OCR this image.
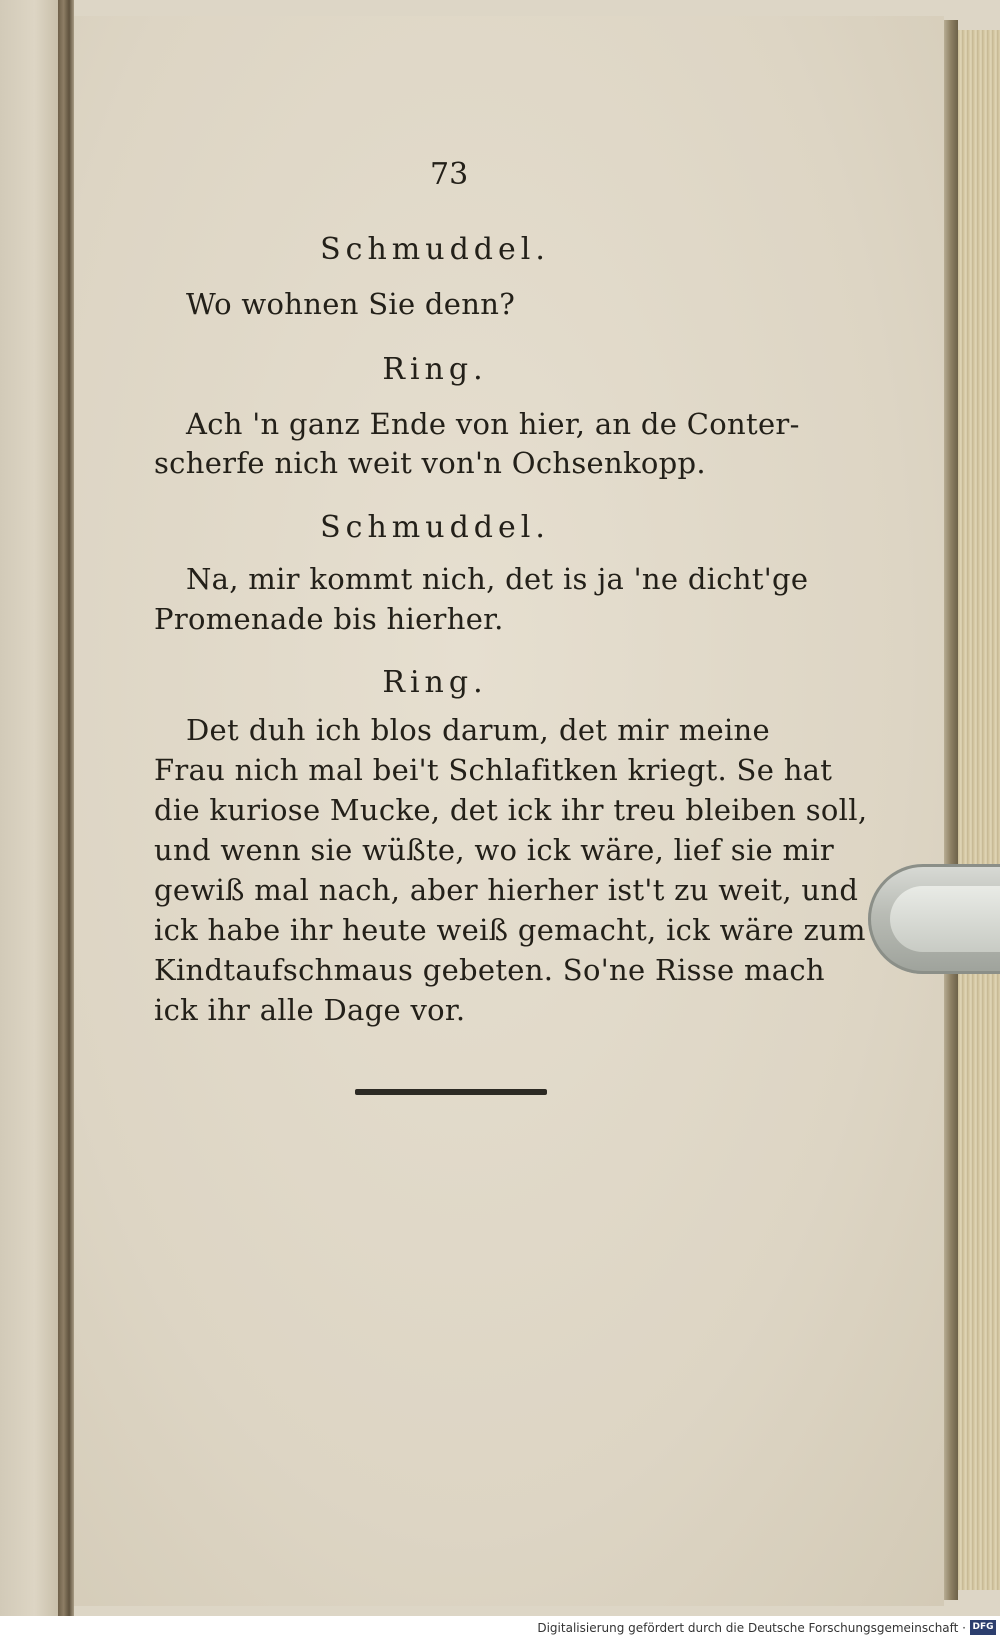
73
Schmuddel.
Wo wohnen Sie denn?
Ring.
Ach 'n ganz Ende von hier, an de Conter-
scherfe nich weit von'n Ochsenkopp.
Schmuddel.
Na, mir kommt nich, det is ja 'ne dicht'ge
Promenade bis hierher.
Ring.
Det duh ich blos darum, det mir meine
Frau nich mal bei't Schlafitken kriegt. Se hat
die kuriose Mucke, det ick ihr treu bleiben soll,
und wenn sie wüßte, wo ick wäre, lief sie mir
gewiß mal nach, aber hierher ist't zu weit, und
ick habe ihr heute weiß gemacht, ick wäre zum
Kindtaufschmaus gebeten. So'ne Risse mach
ick ihr alle Dage vor.
Digitalisierung gefördert durch die Deutsche Forschungsgemeinschaft · DFG
